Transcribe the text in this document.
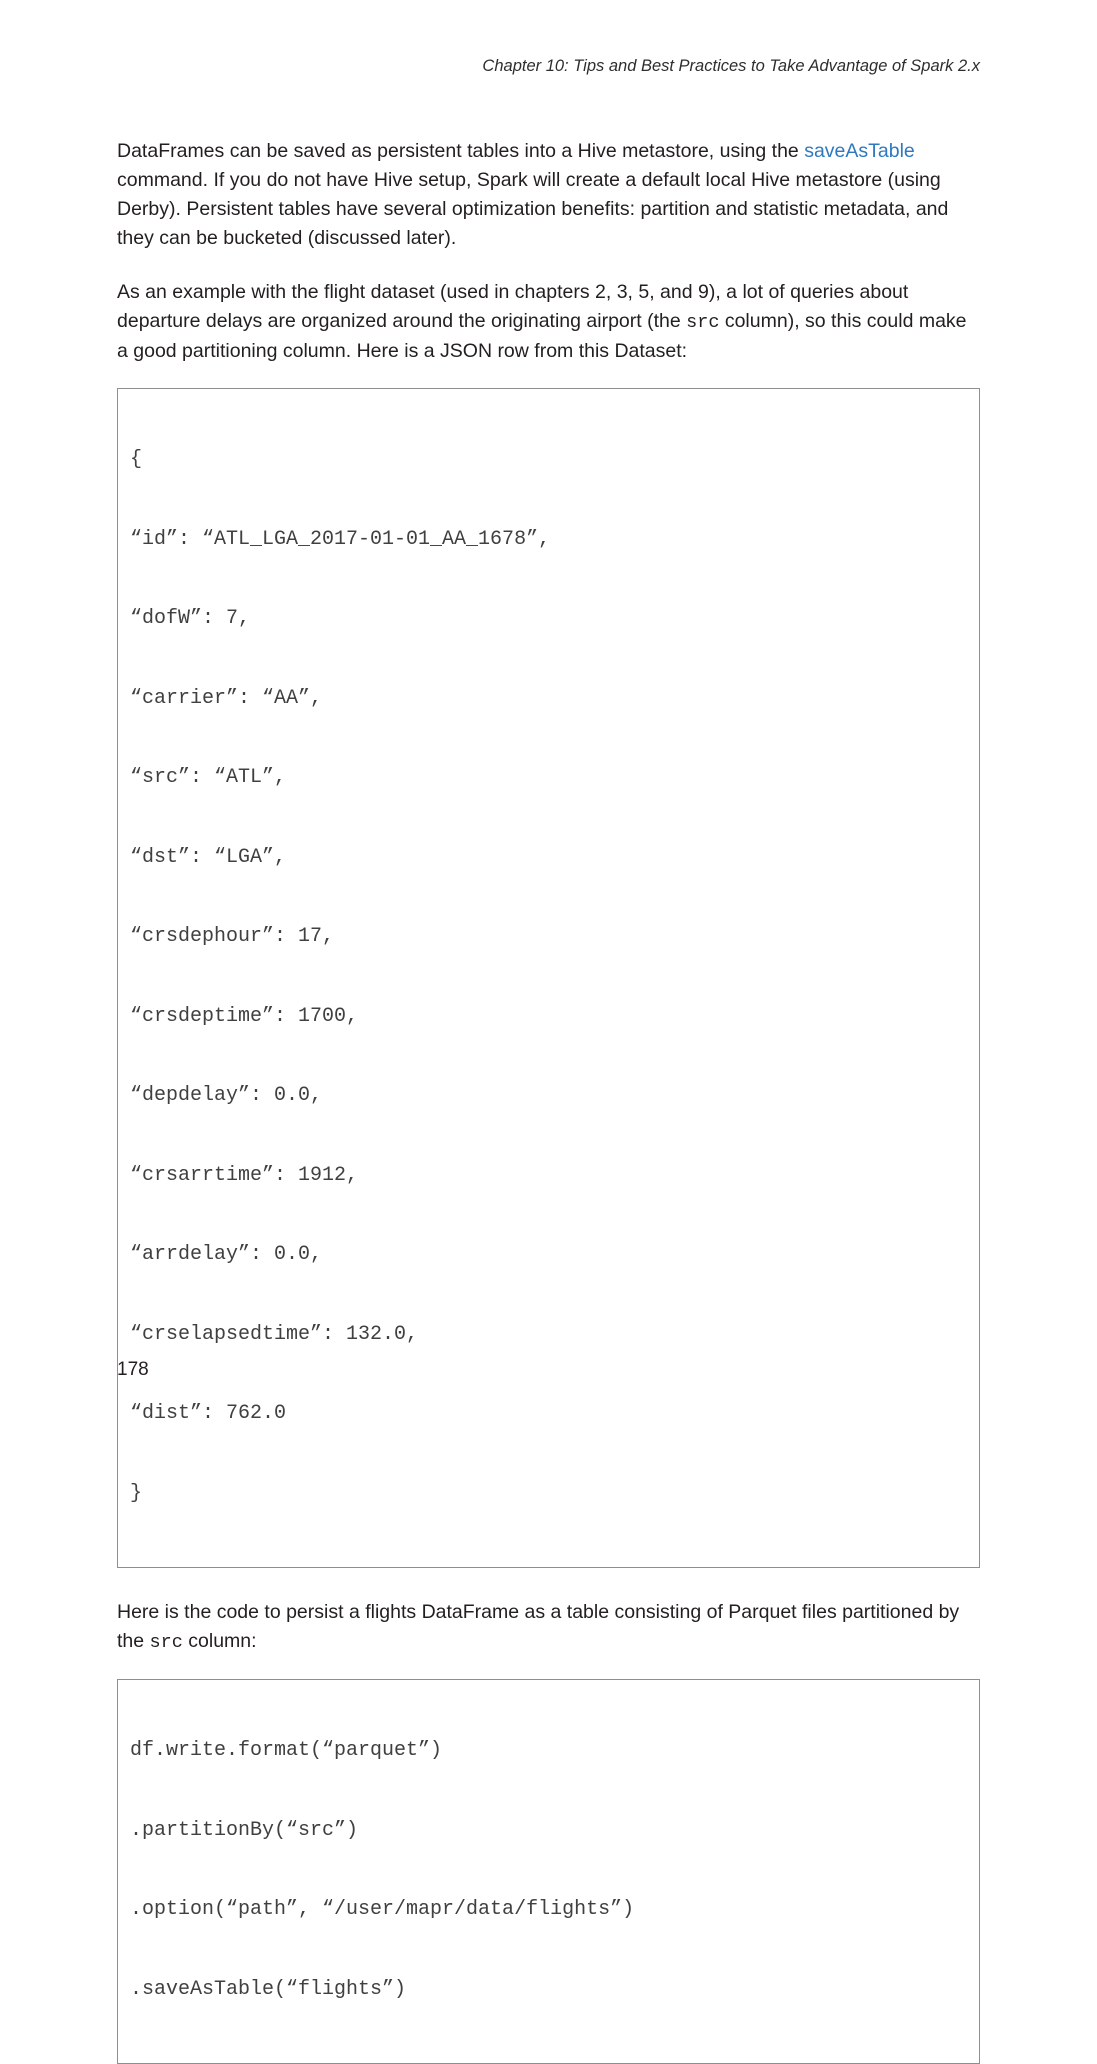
Chapter 10: Tips and Best Practices to Take Advantage of Spark 2.x

DataFrames can be saved as persistent tables into a Hive metastore, using the saveAsTable command. If you do not have Hive setup, Spark will create a default local Hive metastore (using Derby). Persistent tables have several optimization benefits: partition and statistic metadata, and they can be bucketed (discussed later).

As an example with the flight dataset (used in chapters 2, 3, 5, and 9), a lot of queries about departure delays are organized around the originating airport (the src column), so this could make a good partitioning column. Here is a JSON row from this Dataset:

{

“id”: “ATL_LGA_2017-01-01_AA_1678”,

“dofW”: 7,

“carrier”: “AA”,

“src”: “ATL”,

“dst”: “LGA”,

“crsdephour”: 17,

“crsdeptime”: 1700,

“depdelay”: 0.0,

“crsarrtime”: 1912,

“arrdelay”: 0.0,

“crselapsedtime”: 132.0,

“dist”: 762.0

}

Here is the code to persist a flights DataFrame as a table consisting of Parquet files partitioned by the src column:

df.write.format(“parquet”)

.partitionBy(“src”)

.option(“path”, “/user/mapr/data/flights”)

.saveAsTable(“flights”)

178
